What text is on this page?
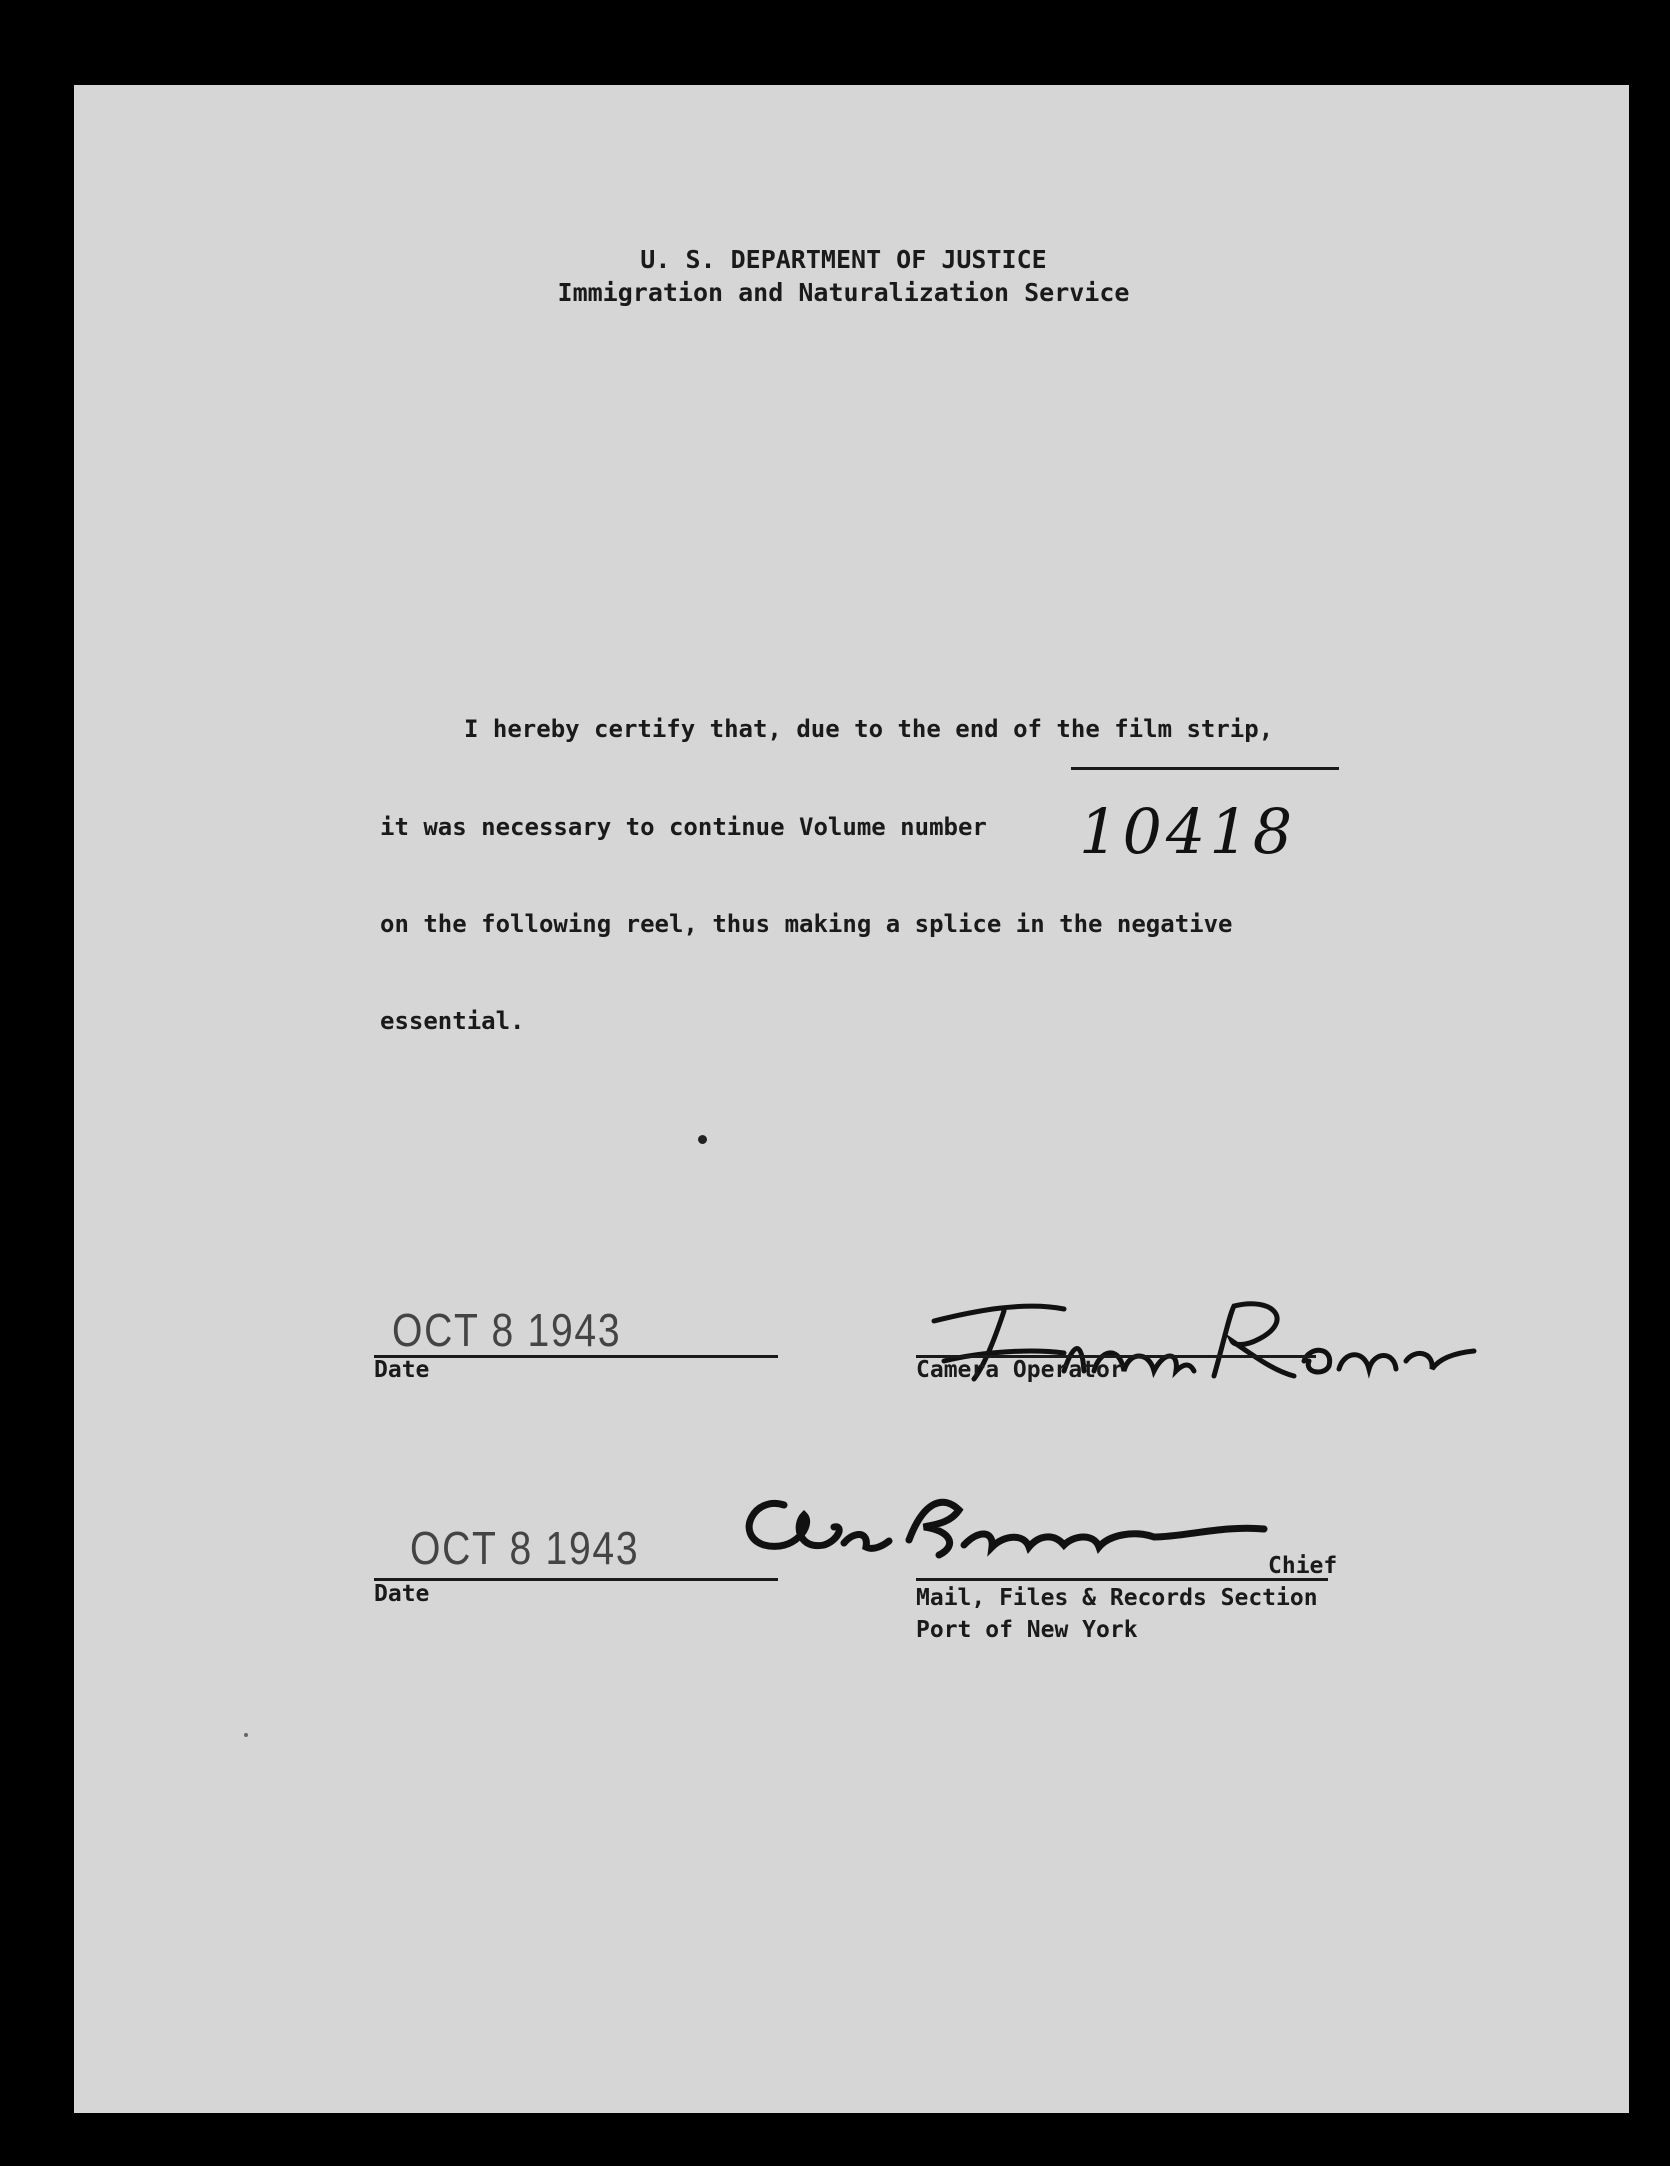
U. S. DEPARTMENT OF JUSTICE
Immigration and Naturalization Service
I hereby certify that, due to the end of the film strip,
it was necessary to continue Volume number 10418
on the following reel, thus making a splice in the negative
essential.
OCT 8 1943
Date
Lina Roman
Camera Operator
OCT 8 1943
Date
Geo. C. Baecker	Chief
Mail, Files & Records Section
Port of New York
